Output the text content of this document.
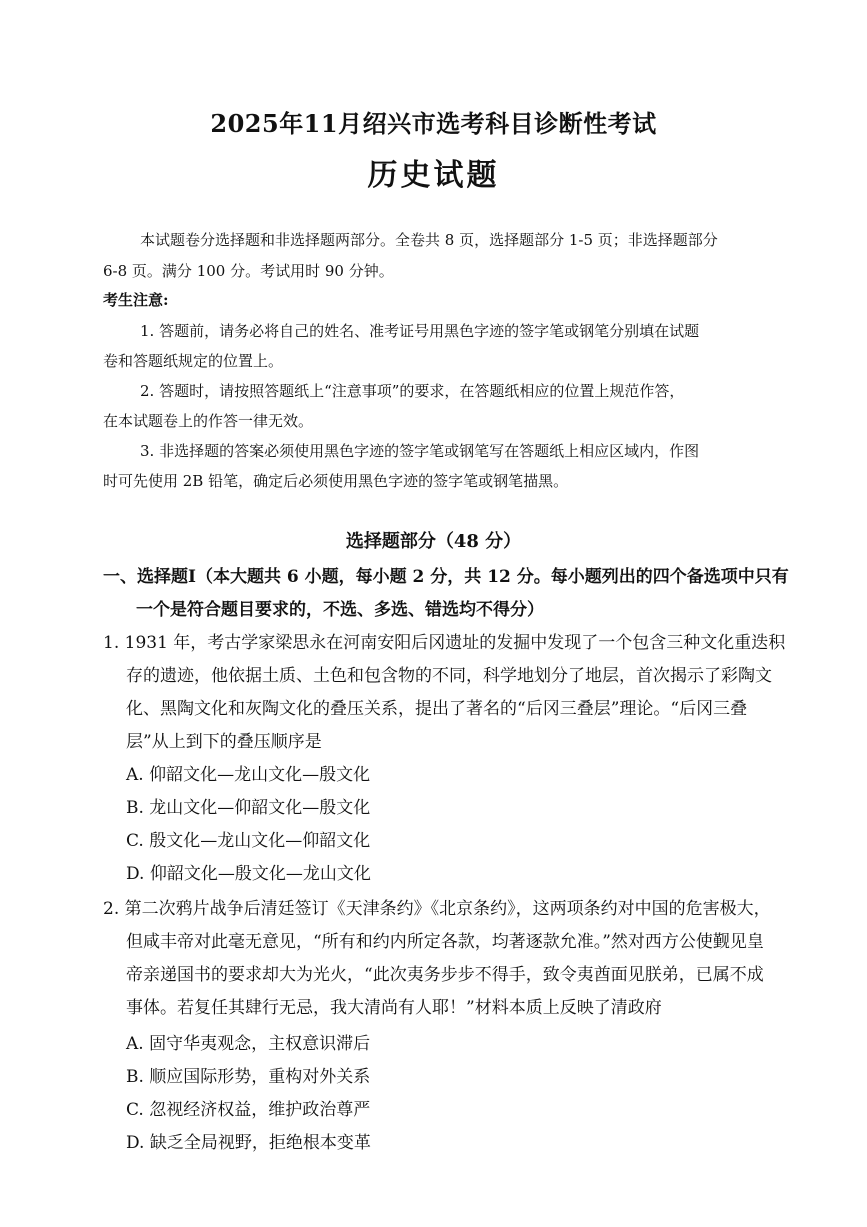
2025年11月绍兴市选考科目诊断性考试
历史试题
本试题卷分选择题和非选择题两部分。全卷共 8 页，选择题部分 1-5 页；非选择题部分
6-8 页。满分 100 分。考试用时 90 分钟。
考生注意:
1. 答题前，请务必将自己的姓名、准考证号用黑色字迹的签字笔或钢笔分别填在试题
卷和答题纸规定的位置上。
2. 答题时，请按照答题纸上“注意事项”的要求，在答题纸相应的位置上规范作答，
在本试题卷上的作答一律无效。
3. 非选择题的答案必须使用黑色字迹的签字笔或钢笔写在答题纸上相应区域内，作图
时可先使用 2B 铅笔，确定后必须使用黑色字迹的签字笔或钢笔描黑。
选择题部分（48 分）
一、选择题Ⅰ（本大题共 6 小题，每小题 2 分，共 12 分。每小题列出的四个备选项中只有
一个是符合题目要求的，不选、多选、错选均不得分）
1. 1931 年，考古学家梁思永在河南安阳后冈遗址的发掘中发现了一个包含三种文化重迭积
存的遗迹，他依据土质、土色和包含物的不同，科学地划分了地层，首次揭示了彩陶文
化、黑陶文化和灰陶文化的叠压关系，提出了著名的“后冈三叠层”理论。“后冈三叠
层”从上到下的叠压顺序是
A. 仰韶文化—龙山文化—殷文化
B. 龙山文化—仰韶文化—殷文化
C. 殷文化—龙山文化—仰韶文化
D. 仰韶文化—殷文化—龙山文化
2. 第二次鸦片战争后清廷签订《天津条约》《北京条约》，这两项条约对中国的危害极大，
但咸丰帝对此毫无意见，“所有和约内所定各款，均著逐款允准。”然对西方公使觐见皇
帝亲递国书的要求却大为光火，“此次夷务步步不得手，致令夷酋面见朕弟，已属不成
事体。若复任其肆行无忌，我大清尚有人耶！”材料本质上反映了清政府
A. 固守华夷观念，主权意识滞后
B. 顺应国际形势，重构对外关系
C. 忽视经济权益，维护政治尊严
D. 缺乏全局视野，拒绝根本变革
